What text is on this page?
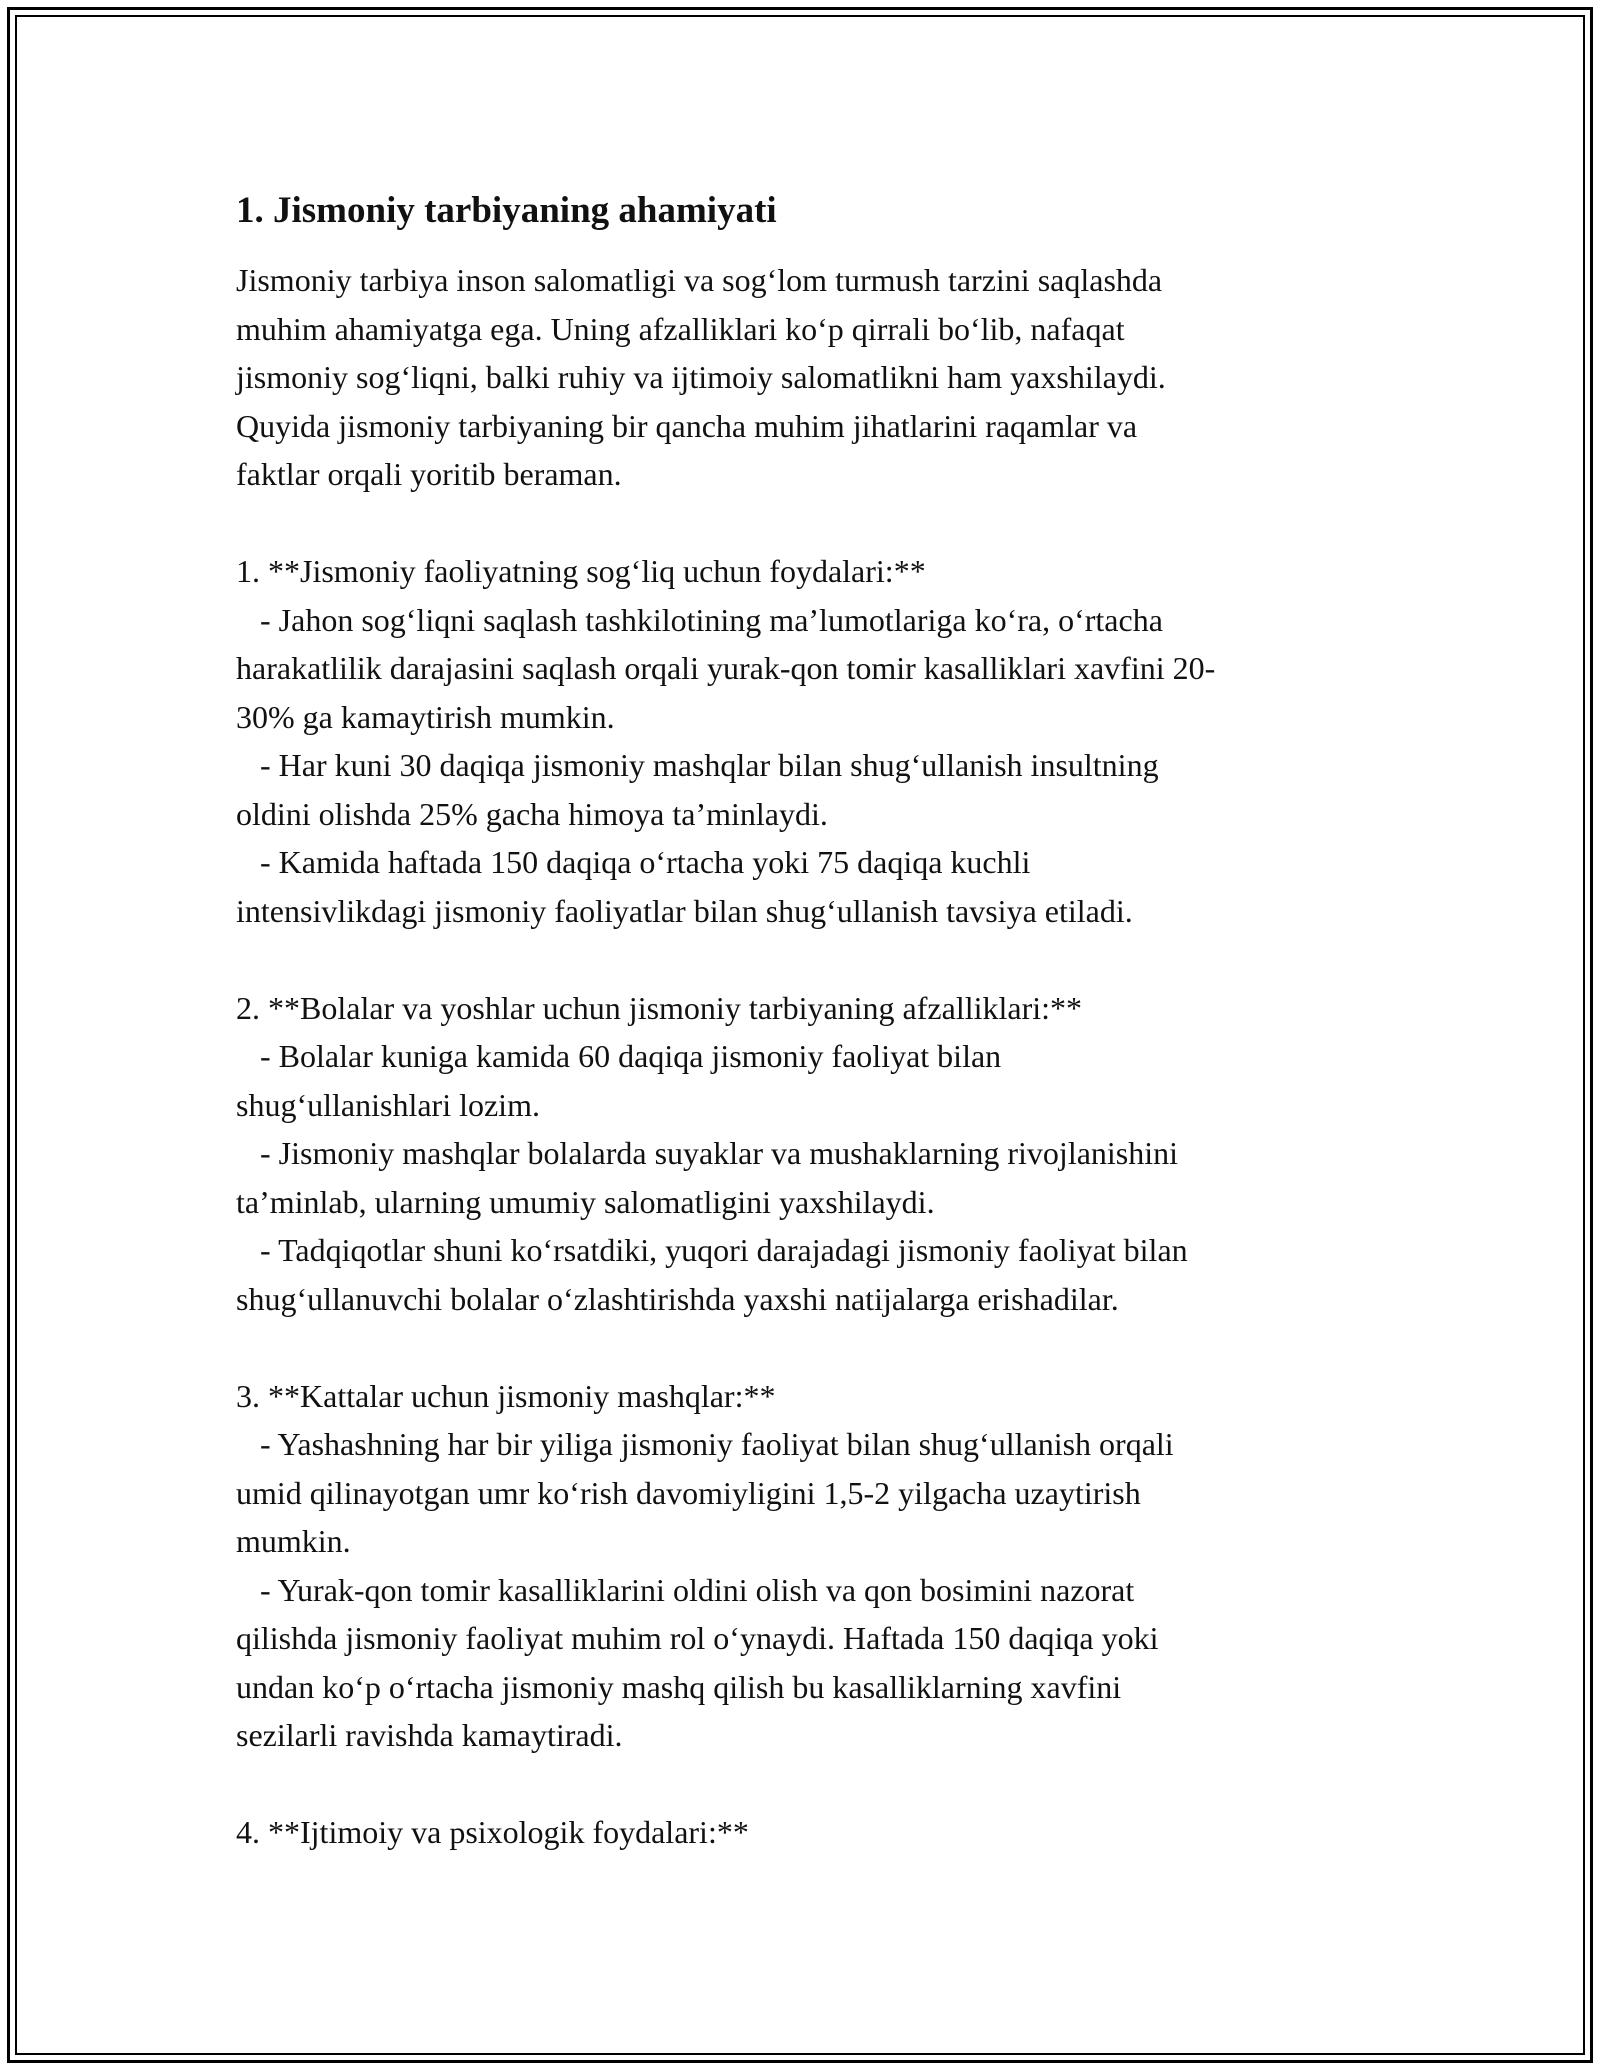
1. Jismoniy tarbiyaning ahamiyati

Jismoniy tarbiya inson salomatligi va sog‘lom turmush tarzini saqlashda
muhim ahamiyatga ega. Uning afzalliklari ko‘p qirrali bo‘lib, nafaqat
jismoniy sog‘liqni, balki ruhiy va ijtimoiy salomatlikni ham yaxshilaydi.
Quyida jismoniy tarbiyaning bir qancha muhim jihatlarini raqamlar va
faktlar orqali yoritib beraman.

1. **Jismoniy faoliyatning sog‘liq uchun foydalari:**
- Jahon sog‘liqni saqlash tashkilotining ma’lumotlariga ko‘ra, o‘rtacha
harakatlilik darajasini saqlash orqali yurak-qon tomir kasalliklari xavfini 20-
30% ga kamaytirish mumkin.
- Har kuni 30 daqiqa jismoniy mashqlar bilan shug‘ullanish insultning
oldini olishda 25% gacha himoya ta’minlaydi.
- Kamida haftada 150 daqiqa o‘rtacha yoki 75 daqiqa kuchli
intensivlikdagi jismoniy faoliyatlar bilan shug‘ullanish tavsiya etiladi.

2. **Bolalar va yoshlar uchun jismoniy tarbiyaning afzalliklari:**
- Bolalar kuniga kamida 60 daqiqa jismoniy faoliyat bilan
shug‘ullanishlari lozim.
- Jismoniy mashqlar bolalarda suyaklar va mushaklarning rivojlanishini
ta’minlab, ularning umumiy salomatligini yaxshilaydi.
- Tadqiqotlar shuni ko‘rsatdiki, yuqori darajadagi jismoniy faoliyat bilan
shug‘ullanuvchi bolalar o‘zlashtirishda yaxshi natijalarga erishadilar.

3. **Kattalar uchun jismoniy mashqlar:**
- Yashashning har bir yiliga jismoniy faoliyat bilan shug‘ullanish orqali
umid qilinayotgan umr ko‘rish davomiyligini 1,5-2 yilgacha uzaytirish
mumkin.
- Yurak-qon tomir kasalliklarini oldini olish va qon bosimini nazorat
qilishda jismoniy faoliyat muhim rol o‘ynaydi. Haftada 150 daqiqa yoki
undan ko‘p o‘rtacha jismoniy mashq qilish bu kasalliklarning xavfini
sezilarli ravishda kamaytiradi.

4. **Ijtimoiy va psixologik foydalari:**
